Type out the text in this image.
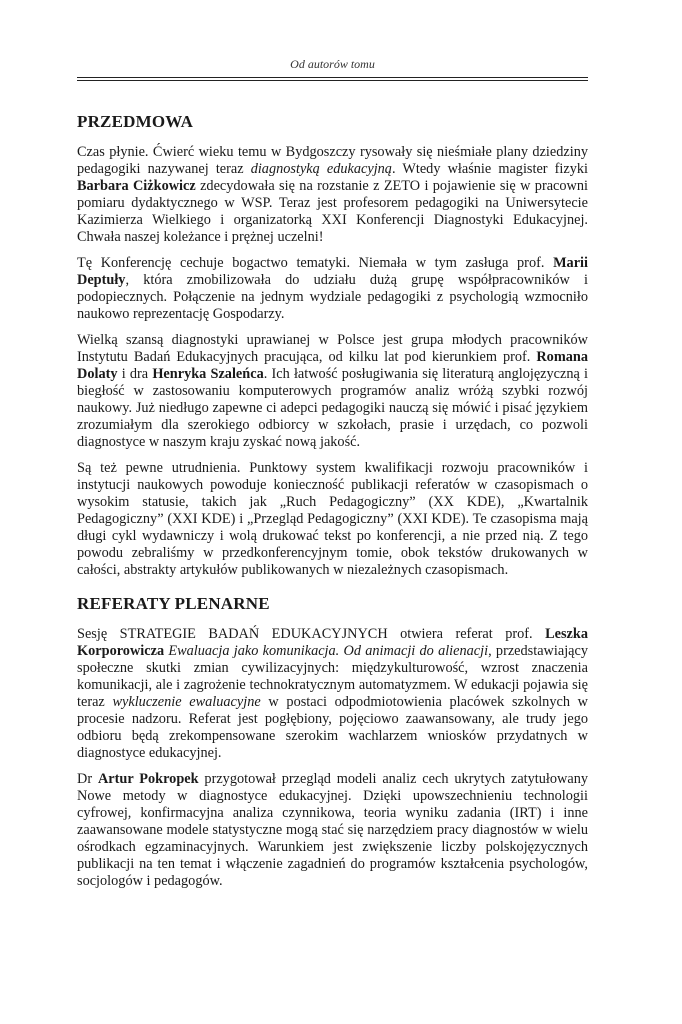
Od autorów tomu
PRZEDMOWA

Czas płynie. Ćwierć wieku temu w Bydgoszczy rysowały się nieśmiałe plany dziedziny pedagogiki nazywanej teraz diagnostyką edukacyjną. Wtedy właśnie magister fizyki Barbara Ciżkowicz zdecydowała się na rozstanie z ZETO i pojawienie się w pracowni pomiaru dydaktycznego w WSP. Teraz jest profesorem pedagogiki na Uniwersytecie Kazimierza Wielkiego i organizatorką XXI Konferencji Diagnostyki Edukacyjnej. Chwała naszej koleżance i prężnej uczelni!

Tę Konferencję cechuje bogactwo tematyki. Niemała w tym zasługa prof. Marii Deptuły, która zmobilizowała do udziału dużą grupę współpracowników i podopiecznych. Połączenie na jednym wydziale pedagogiki z psychologią wzmocniło naukowo reprezentację Gospodarzy.

Wielką szansą diagnostyki uprawianej w Polsce jest grupa młodych pracowników Instytutu Badań Edukacyjnych pracująca, od kilku lat pod kierunkiem prof. Romana Dolaty i dra Henryka Szaleńca. Ich łatwość posługiwania się literaturą anglojęzyczną i biegłość w zastosowaniu komputerowych programów analiz wróżą szybki rozwój naukowy. Już niedługo zapewne ci adepci pedagogiki nauczą się mówić i pisać językiem zrozumiałym dla szerokiego odbiorcy w szkołach, prasie i urzędach, co pozwoli diagnostyce w naszym kraju zyskać nową jakość.

Są też pewne utrudnienia. Punktowy system kwalifikacji rozwoju pracowników i instytucji naukowych powoduje konieczność publikacji referatów w czasopismach o wysokim statusie, takich jak „Ruch Pedagogiczny” (XX KDE), „Kwartalnik Pedagogiczny” (XXI KDE) i „Przegląd Pedagogiczny” (XXI KDE). Te czasopisma mają długi cykl wydawniczy i wolą drukować tekst po konferencji, a nie przed nią. Z tego powodu zebraliśmy w przedkonferencyjnym tomie, obok tekstów drukowanych w całości, abstrakty artykułów publikowanych w niezależnych czasopismach.

REFERATY PLENARNE

Sesję STRATEGIE BADAŃ EDUKACYJNYCH otwiera referat prof. Leszka Korporowicza Ewaluacja jako komunikacja. Od animacji do alienacji, przedstawiający społeczne skutki zmian cywilizacyjnych: międzykulturowość, wzrost znaczenia komunikacji, ale i zagrożenie technokratycznym automatyzmem. W edukacji pojawia się teraz wykluczenie ewaluacyjne w postaci odpodmiotowienia placówek szkolnych w procesie nadzoru. Referat jest pogłębiony, pojęciowo zaawansowany, ale trudy jego odbioru będą zrekompensowane szerokim wachlarzem wniosków przydatnych w diagnostyce edukacyjnej.

Dr Artur Pokropek przygotował przegląd modeli analiz cech ukrytych zatytułowany Nowe metody w diagnostyce edukacyjnej. Dzięki upowszechnieniu technologii cyfrowej, konfirmacyjna analiza czynnikowa, teoria wyniku zadania (IRT) i inne zaawansowane modele statystyczne mogą stać się narzędziem pracy diagnostów w wielu ośrodkach egzaminacyjnych. Warunkiem jest zwiększenie liczby polskojęzycznych publikacji na ten temat i włączenie zagadnień do programów kształcenia psychologów, socjologów i pedagogów.
